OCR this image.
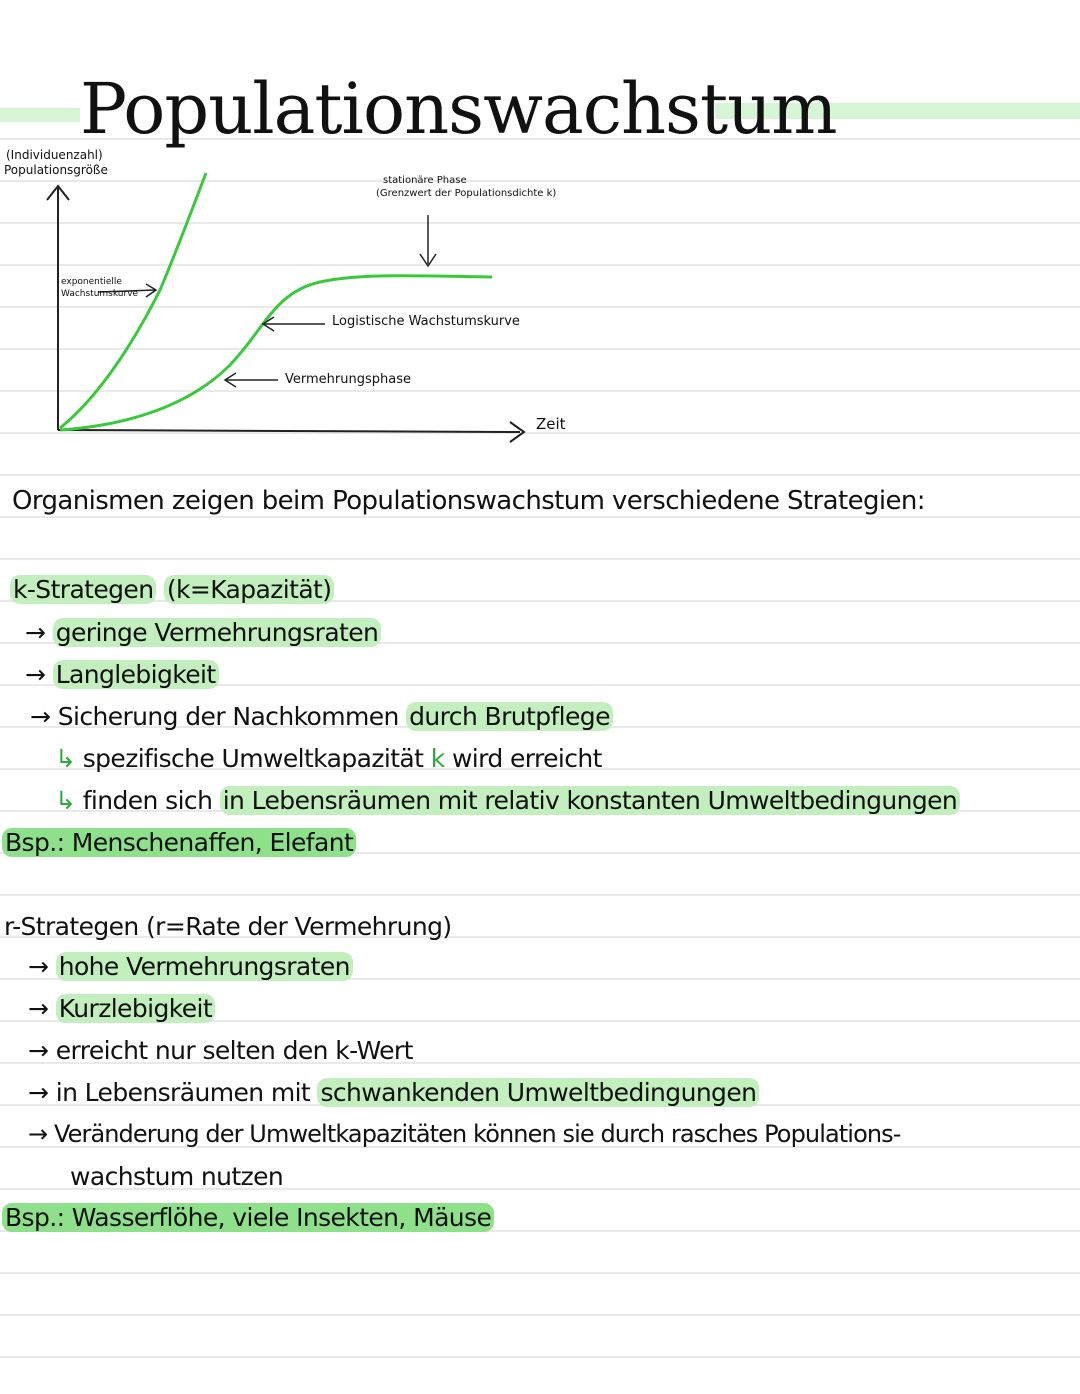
Populationswachstum
(Individuenzahl)
Populationsgröße
Zeit
exponentielle
Wachstumskurve
stationäre Phase
(Grenzwert der Populationsdichte k)
Logistische Wachstumskurve
Vermehrungsphase
Organismen zeigen beim Populationswachstum verschiedene Strategien:
k-Strategen (k=Kapazität)
→ geringe Vermehrungsraten
→ Langlebigkeit
→ Sicherung der Nachkommen durch Brutpflege
↳ spezifische Umweltkapazität k wird erreicht
↳ finden sich in Lebensräumen mit relativ konstanten Umweltbedingungen
Bsp.: Menschenaffen, Elefant
r-Strategen (r=Rate der Vermehrung)
→ hohe Vermehrungsraten
→ Kurzlebigkeit
→ erreicht nur selten den k-Wert
→ in Lebensräumen mit schwankenden Umweltbedingungen
→ Veränderung der Umweltkapazitäten können sie durch rasches Populations-
wachstum nutzen
Bsp.: Wasserflöhe, viele Insekten, Mäuse
